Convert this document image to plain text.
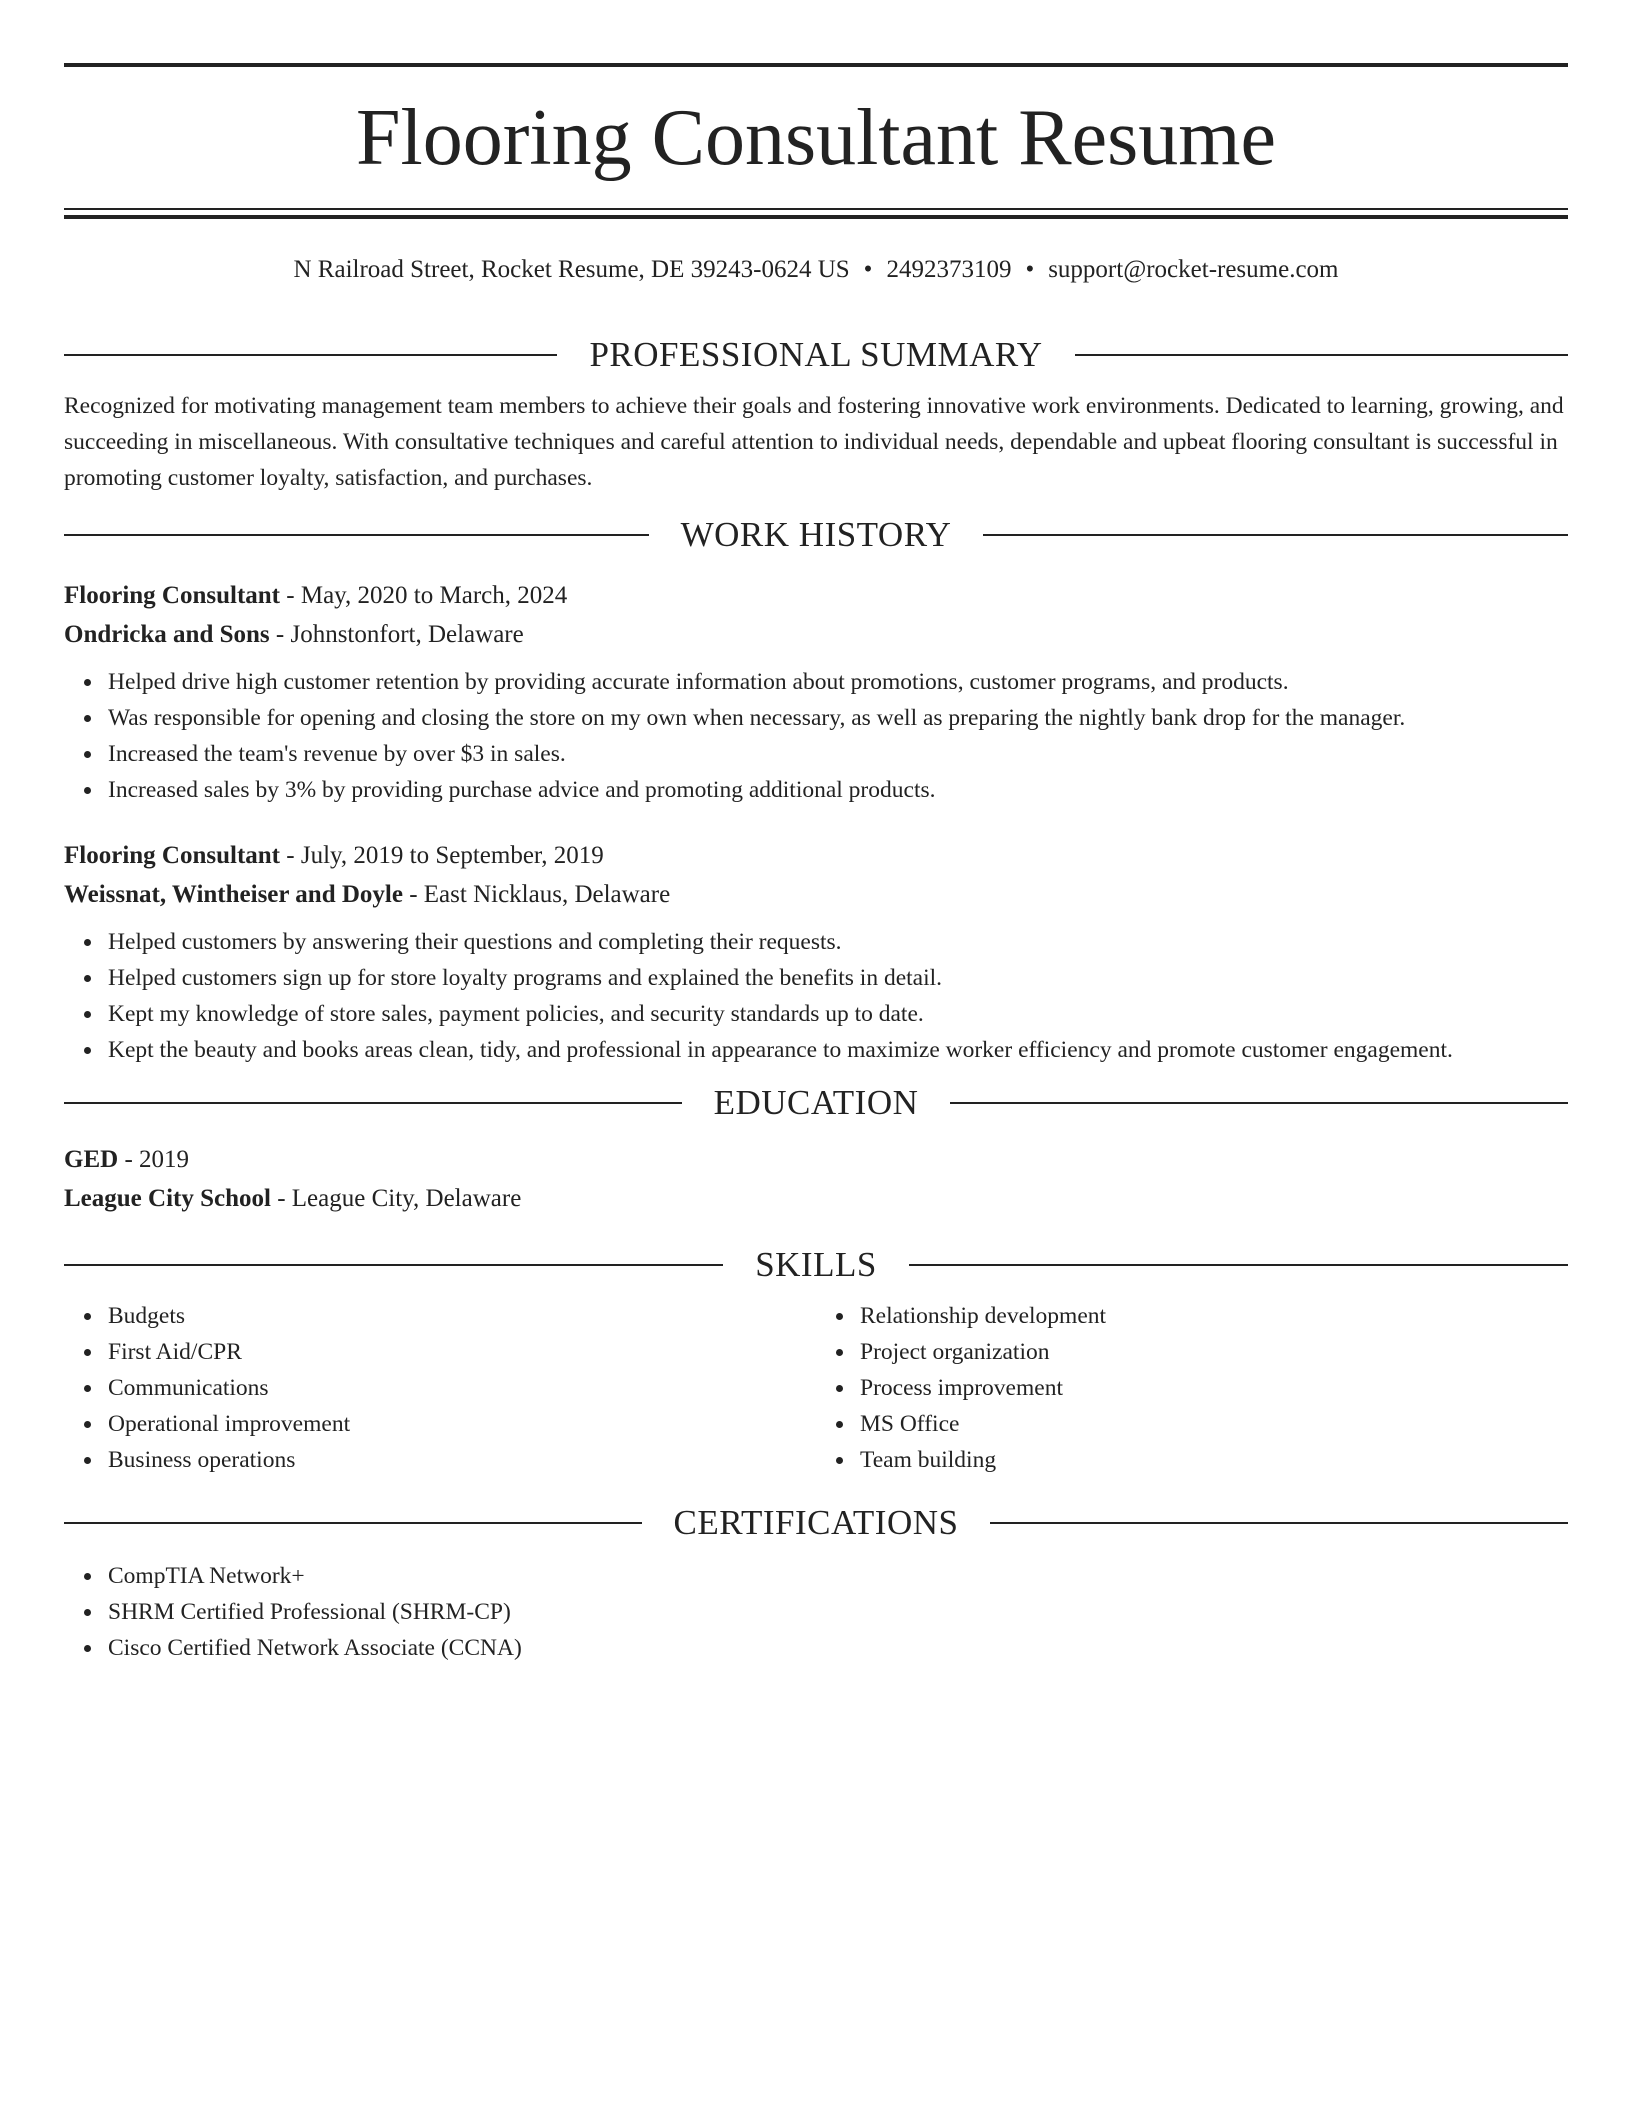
Flooring Consultant Resume
N Railroad Street, Rocket Resume, DE 39243-0624 US • 2492373109 • support@rocket-resume.com
PROFESSIONAL SUMMARY

Recognized for motivating management team members to achieve their goals and fostering innovative work environments. Dedicated to learning, growing, and succeeding in miscellaneous. With consultative techniques and careful attention to individual needs, dependable and upbeat flooring consultant is successful in promoting customer loyalty, satisfaction, and purchases.

WORK HISTORY

Flooring Consultant - May, 2020 to March, 2024

Ondricka and Sons - Johnstonfort, Delaware

Helped drive high customer retention by providing accurate information about promotions, customer programs, and products.
Was responsible for opening and closing the store on my own when necessary, as well as preparing the nightly bank drop for the manager.
Increased the team's revenue by over $3 in sales.
Increased sales by 3% by providing purchase advice and promoting additional products.

Flooring Consultant - July, 2019 to September, 2019

Weissnat, Wintheiser and Doyle - East Nicklaus, Delaware

Helped customers by answering their questions and completing their requests.
Helped customers sign up for store loyalty programs and explained the benefits in detail.
Kept my knowledge of store sales, payment policies, and security standards up to date.
Kept the beauty and books areas clean, tidy, and professional in appearance to maximize worker efficiency and promote customer engagement.
EDUCATION

GED - 2019

League City School - League City, Delaware

SKILLS
Budgets
First Aid/CPR
Communications
Operational improvement
Business operations
Relationship development
Project organization
Process improvement
MS Office
Team building
CERTIFICATIONS
CompTIA Network+
SHRM Certified Professional (SHRM-CP)
Cisco Certified Network Associate (CCNA)
